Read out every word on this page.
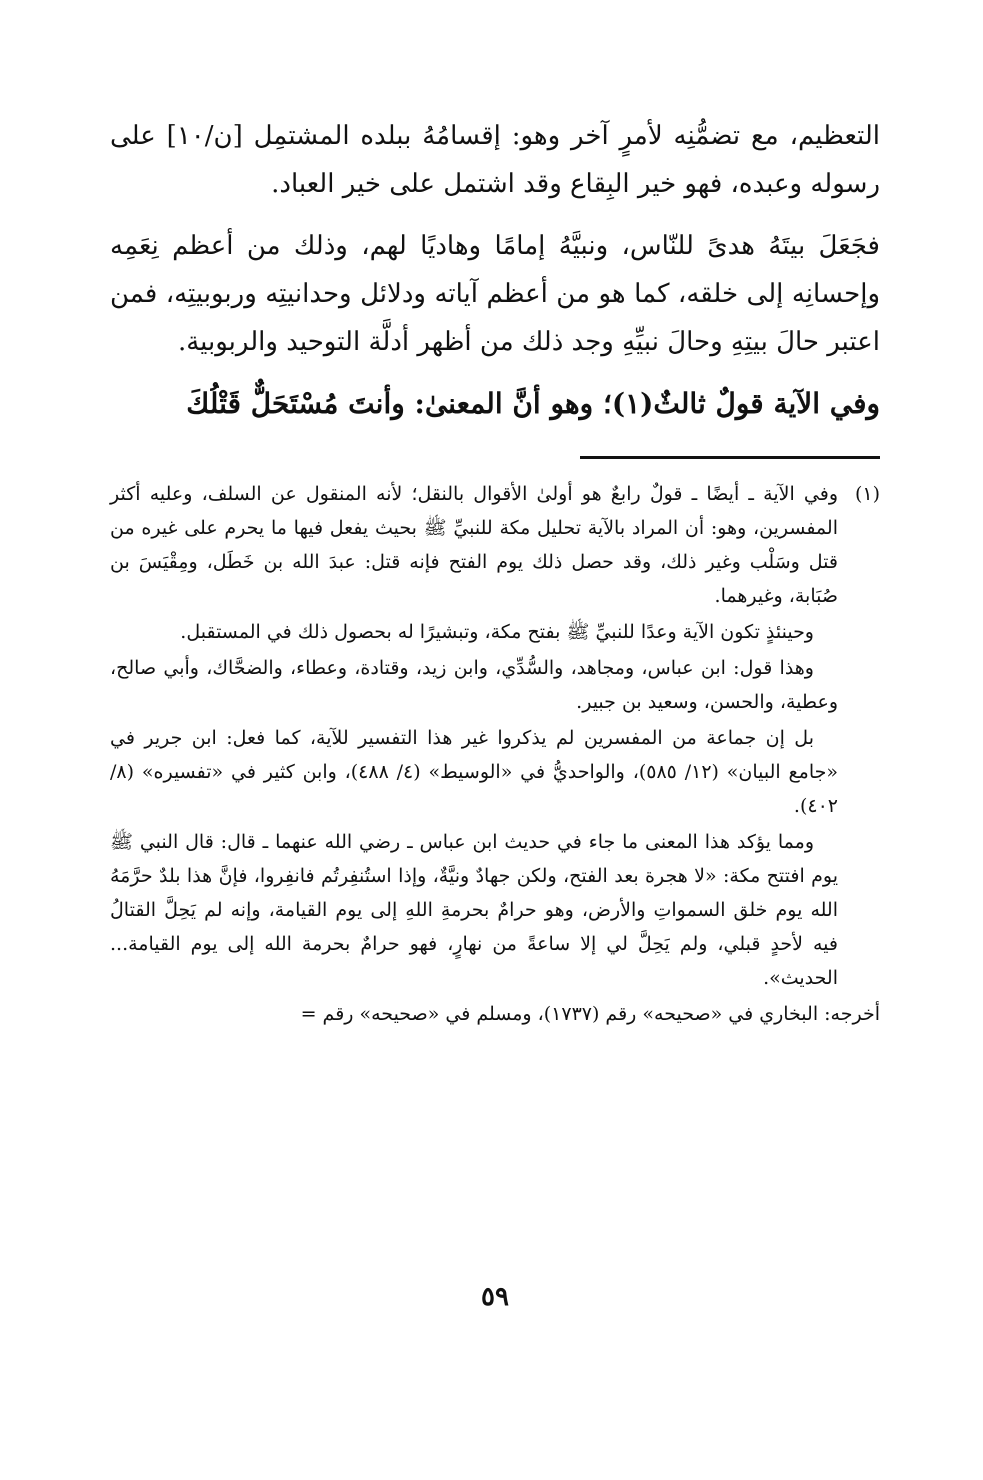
التعظيم، مع تضمُّنِه لأمرٍ آخر وهو: إقسامُهُ ببلده المشتمِل [ن/١٠] على رسوله وعبده، فهو خير البِقاع وقد اشتمل على خير العباد.

فجَعَلَ بيتَهُ هدىً للنّاس، ونبيَّهُ إمامًا وهاديًا لهم، وذلك من أعظم نِعَمِه وإحسانِه إلى خلقه، كما هو من أعظم آياته ودلائل وحدانيتِه وربوبيتِه، فمن اعتبر حالَ بيتِهِ وحالَ نبيِّهِ وجد ذلك من أظهر أدلَّة التوحيد والربوبية.

وفي الآية قولٌ ثالثٌ(١)؛ وهو أنَّ المعنىٰ: وأنتَ مُسْتَحَلٌّ قَتْلُكَ

(١)

وفي الآية ـ أيضًا ـ قولٌ رابعٌ هو أولىٰ الأقوال بالنقل؛ لأنه المنقول عن السلف، وعليه أكثر المفسرين، وهو: أن المراد بالآية تحليل مكة للنبيِّ ﷺ بحيث يفعل فيها ما يحرم على غيره من قتل وسَلْب وغير ذلك، وقد حصل ذلك يوم الفتح فإنه قتل: عبدَ الله بن خَطَل، ومِقْيَسَ بن صُبَابة، وغيرهما.

وحينئذٍ تكون الآية وعدًا للنبيِّ ﷺ بفتح مكة، وتبشيرًا له بحصول ذلك في المستقبل.

وهذا قول: ابن عباس، ومجاهد، والسُّدِّي، وابن زيد، وقتادة، وعطاء، والضحَّاك، وأبي صالح، وعطية، والحسن، وسعيد بن جبير.

بل إن جماعة من المفسرين لم يذكروا غير هذا التفسير للآية، كما فعل: ابن جرير في «جامع البيان» (١٢/ ٥٨٥)، والواحديُّ في «الوسيط» (٤/ ٤٨٨)، وابن كثير في «تفسيره» (٨/ ٤٠٢).

ومما يؤكد هذا المعنى ما جاء في حديث ابن عباس ـ رضي الله عنهما ـ قال: قال النبي ﷺ يوم افتتح مكة: «لا هجرة بعد الفتح، ولكن جهادٌ ونيَّةٌ، وإذا استُنفِرتُم فانفِروا، فإنَّ هذا بلدٌ حرَّمَهُ الله يوم خلق السمواتِ والأرض، وهو حرامٌ بحرمةِ اللهِ إلى يوم القيامة، وإنه لم يَحِلَّ القتالُ فيه لأحدٍ قبلي، ولم يَحِلَّ لي إلا ساعةً من نهارٍ، فهو حرامٌ بحرمة الله إلى يوم القيامة... الحديث».

أخرجه: البخاري في «صحيحه» رقم (١٧٣٧)، ومسلم في «صحيحه» رقم =

٥٩
